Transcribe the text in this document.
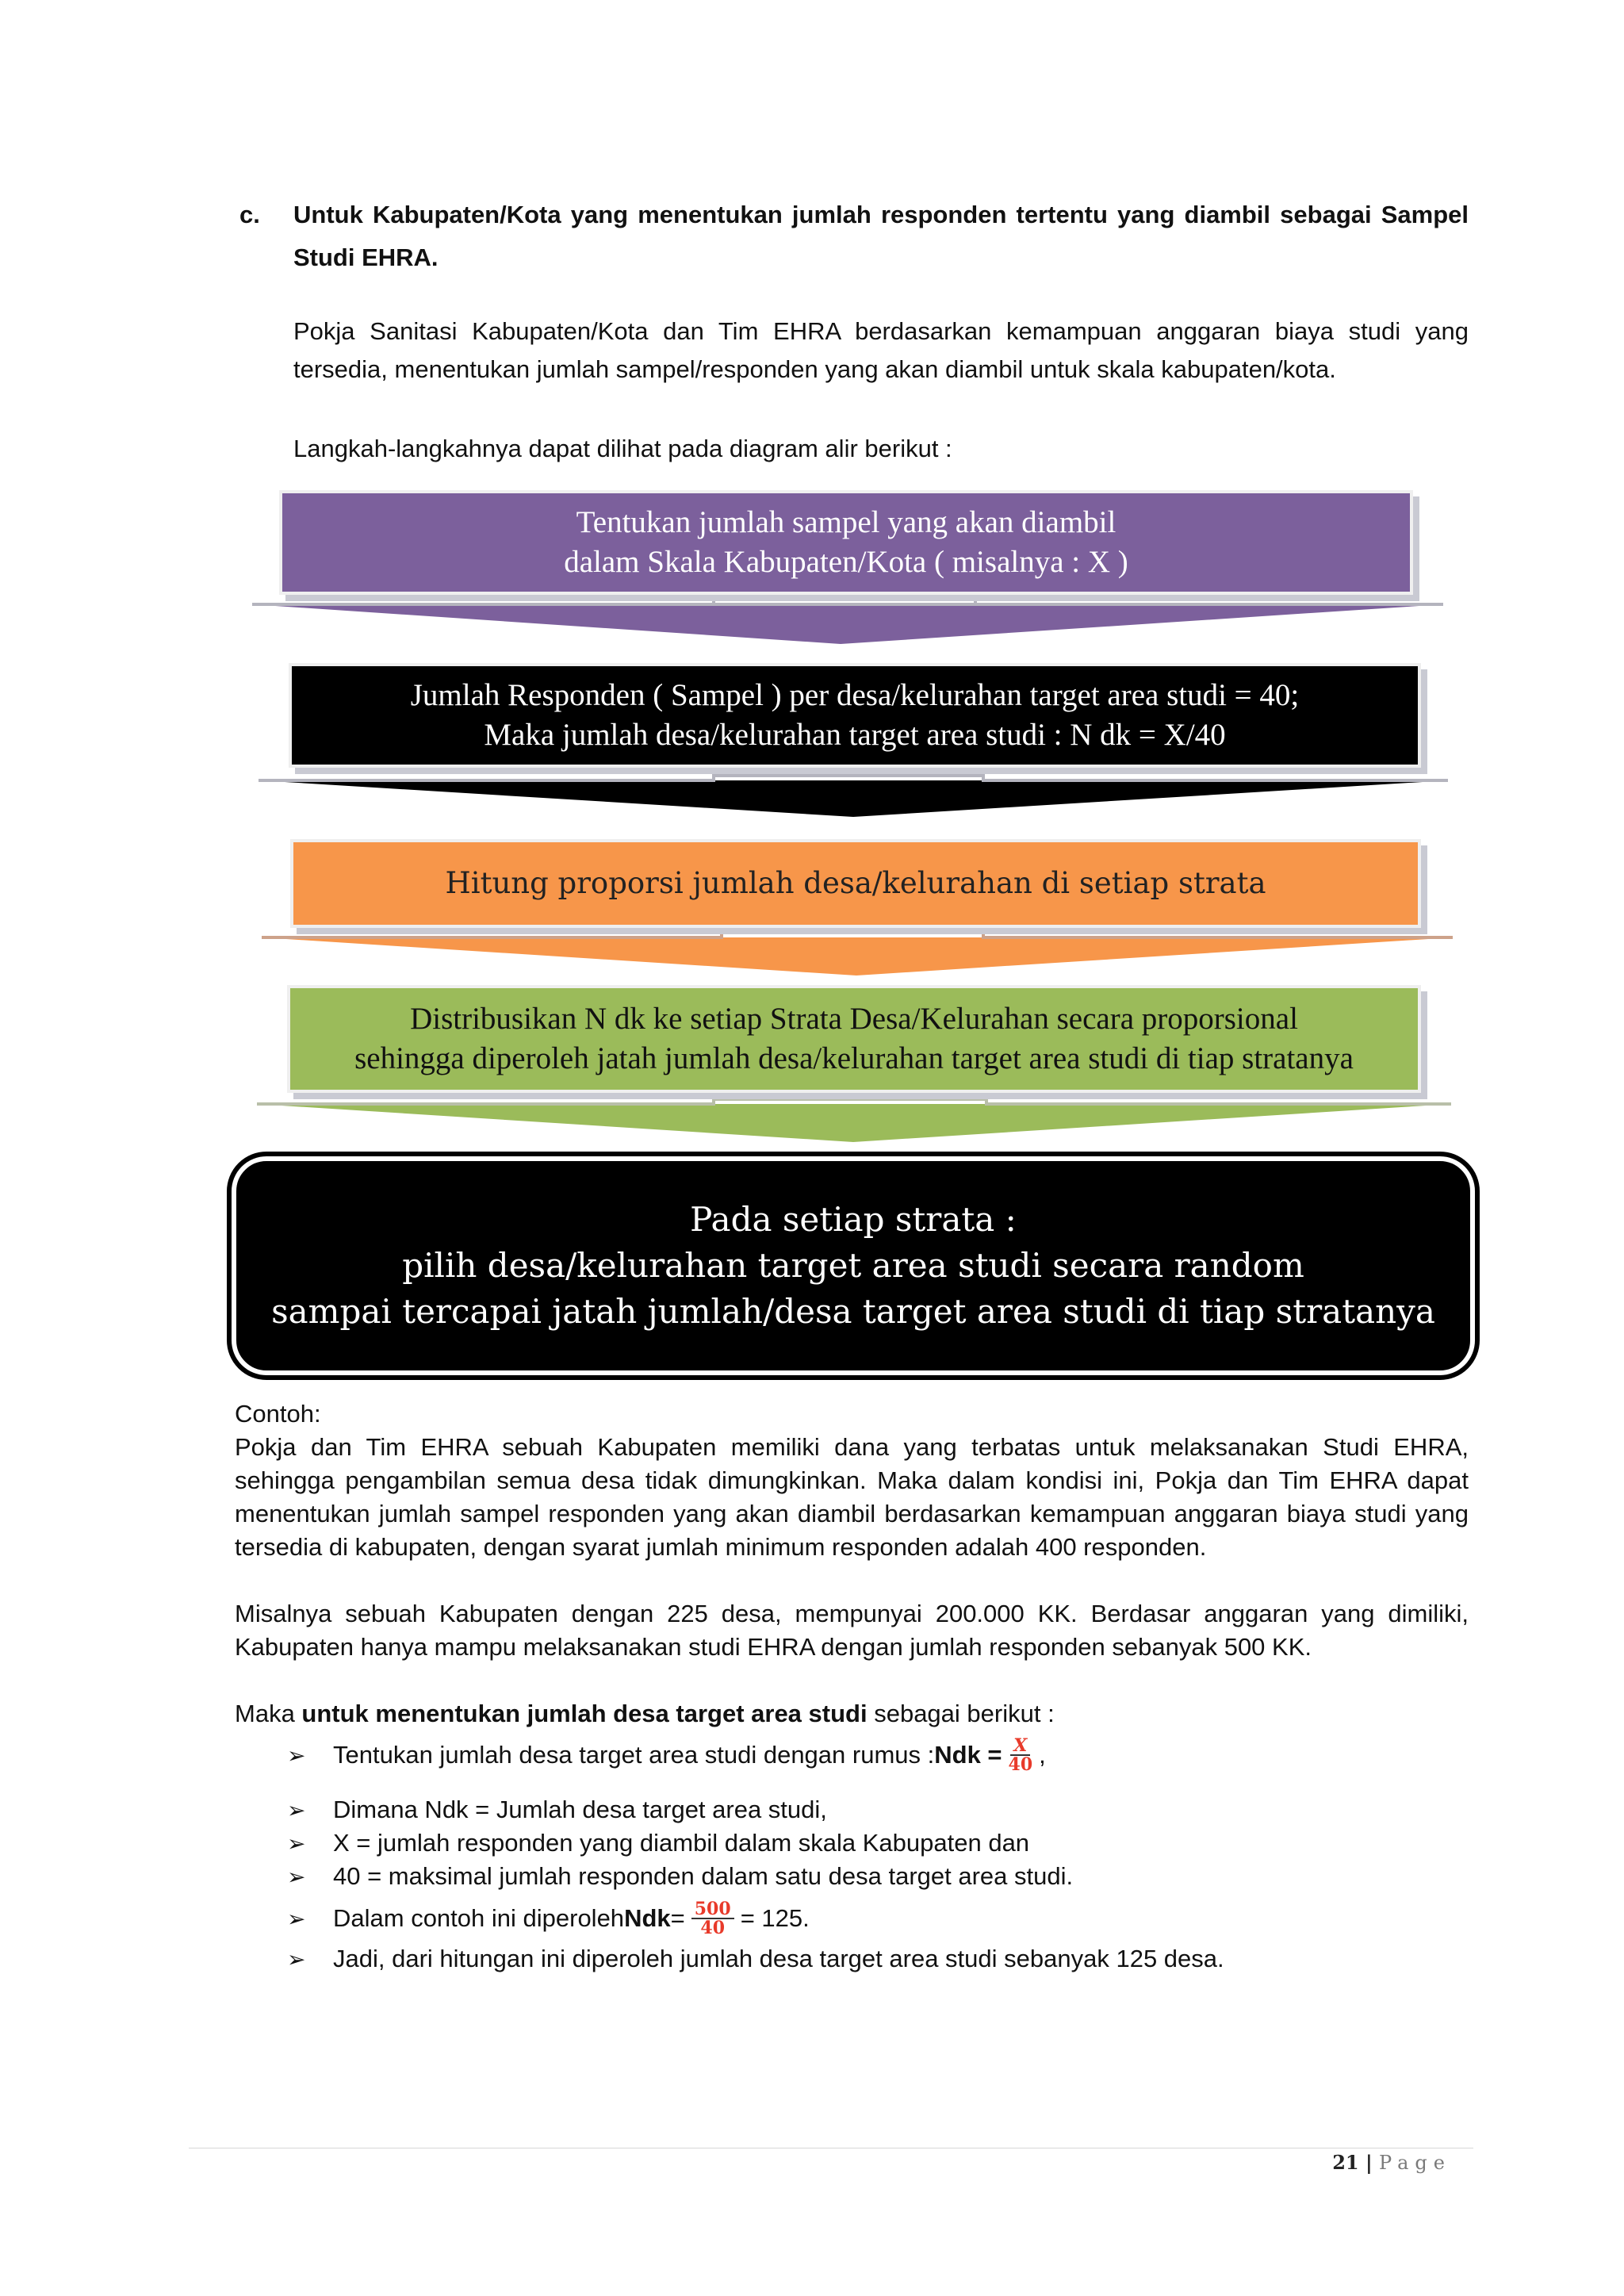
c. Untuk Kabupaten/Kota yang menentukan jumlah responden tertentu yang diambil sebagai Sampel Studi EHRA.
Pokja Sanitasi Kabupaten/Kota dan Tim EHRA berdasarkan kemampuan anggaran biaya studi yang tersedia, menentukan jumlah sampel/responden yang akan diambil untuk skala kabupaten/kota.
Langkah-langkahnya dapat dilihat pada diagram alir berikut :
Tentukan jumlah sampel yang akan diambil
dalam Skala Kabupaten/Kota ( misalnya : X )
Jumlah Responden ( Sampel ) per desa/kelurahan target area studi = 40;
Maka jumlah desa/kelurahan target area studi : N dk = X/40
Hitung proporsi jumlah desa/kelurahan di setiap strata
Distribusikan N dk ke setiap Strata Desa/Kelurahan secara proporsional
sehingga diperoleh jatah jumlah desa/kelurahan target area studi di tiap stratanya
Pada setiap strata :
pilih desa/kelurahan target area studi secara random
sampai tercapai jatah jumlah/desa target area studi di tiap stratanya

Contoh:

Pokja dan Tim EHRA sebuah Kabupaten memiliki dana yang terbatas untuk melaksanakan Studi EHRA, sehingga pengambilan semua desa tidak dimungkinkan. Maka dalam kondisi ini, Pokja dan Tim EHRA dapat menentukan jumlah sampel responden yang akan diambil berdasarkan kemampuan anggaran biaya studi yang tersedia di kabupaten, dengan syarat jumlah minimum responden adalah 400 responden.

Misalnya sebuah Kabupaten dengan 225 desa, mempunyai 200.000 KK. Berdasar anggaran yang dimiliki, Kabupaten hanya mampu melaksanakan studi EHRA dengan jumlah responden sebanyak 500 KK.

Maka untuk menentukan jumlah desa target area studi sebagai berikut :

➢	Tentukan jumlah desa target area studi dengan rumus : Ndk = $\frac{X}{40}$ ,
➢	Dimana Ndk = Jumlah desa target area studi,
➢	X = jumlah responden yang diambil dalam skala Kabupaten dan
➢	40 = maksimal jumlah responden dalam satu desa target area studi.
➢	Dalam contoh ini diperoleh Ndk = $\frac{500}{40} = 125$.
➢	Jadi, dari hitungan ini diperoleh jumlah desa target area studi sebanyak 125 desa.
21 | Page
